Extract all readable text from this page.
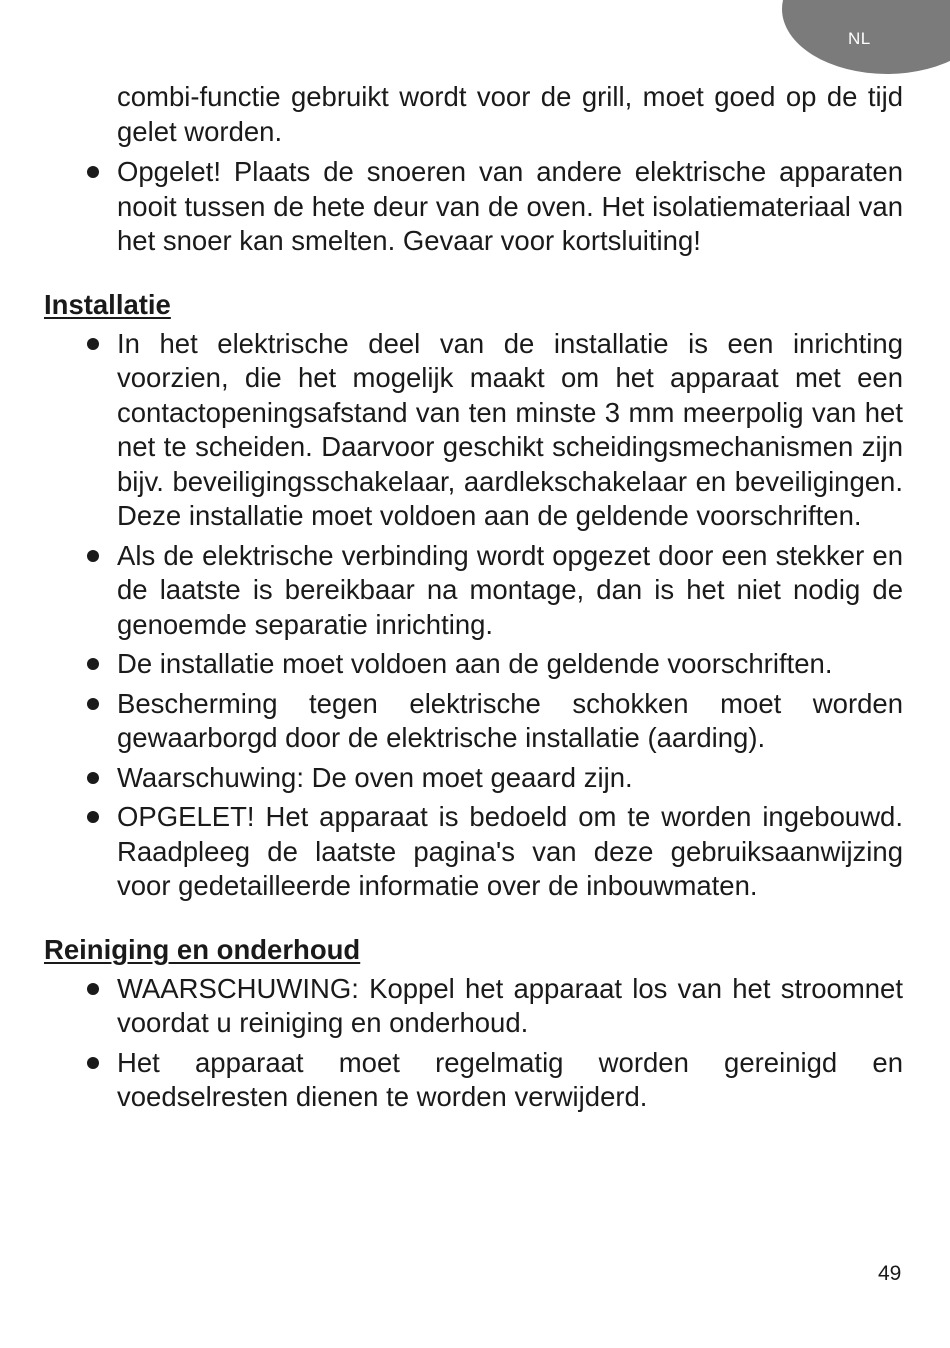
NL

combi-functie gebruikt wordt voor de grill, moet goed op de tijd gelet worden.

Opgelet! Plaats de snoeren van andere elektrische apparaten nooit tussen de hete deur van de oven. Het isolatiemateriaal van het snoer kan smelten. Gevaar voor kortsluiting!

Installatie

In het elektrische deel van de installatie is een inrichting voorzien, die het mogelijk maakt om het apparaat met een contactopeningsafstand van ten minste 3 mm meerpolig van het net te scheiden. Daarvoor geschikt scheidingsmechanismen zijn bijv. beveiligingsschakelaar, aardlekschakelaar en beveiligingen. Deze installatie moet voldoen aan de geldende voorschriften.

Als de elektrische verbinding wordt opgezet door een stekker en de laatste is bereikbaar na montage, dan is het niet nodig de genoemde separatie inrichting.

De installatie moet voldoen aan de geldende voorschriften.

Bescherming tegen elektrische schokken moet worden gewaarborgd door de elektrische installatie (aarding).

Waarschuwing: De oven moet geaard zijn.

OPGELET! Het apparaat is bedoeld om te worden ingebouwd. Raadpleeg de laatste pagina's van deze gebruiksaanwijzing voor gedetailleerde informatie over de inbouwmaten.

Reiniging en onderhoud

WAARSCHUWING: Koppel het apparaat los van het stroomnet voordat u reiniging en onderhoud.

Het apparaat moet regelmatig worden gereinigd en voedselresten dienen te worden verwijderd.

49
